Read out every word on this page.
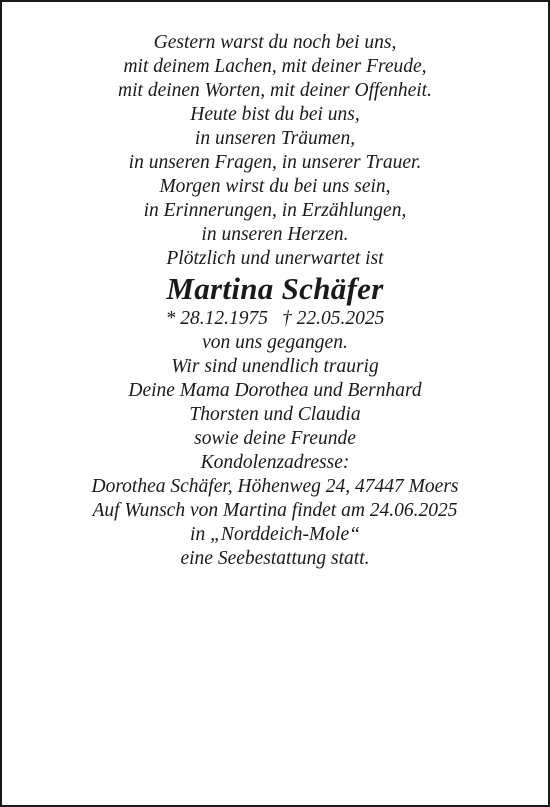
Gestern warst du noch bei uns,
mit deinem Lachen, mit deiner Freude,
mit deinen Worten, mit deiner Offenheit.

Heute bist du bei uns,
in unseren Träumen,
in unseren Fragen, in unserer Trauer.

Morgen wirst du bei uns sein,
in Erinnerungen, in Erzählungen,
in unseren Herzen.

Plötzlich und unerwartet ist

Martina Schäfer

* 28.12.1975 † 22.05.2025

von uns gegangen.

Wir sind unendlich traurig

Deine Mama Dorothea und Bernhard
Thorsten und Claudia
sowie deine Freunde

Kondolenzadresse:
Dorothea Schäfer, Höhenweg 24, 47447 Moers

Auf Wunsch von Martina findet am 24.06.2025
in „Norddeich-Mole“
eine Seebestattung statt.
